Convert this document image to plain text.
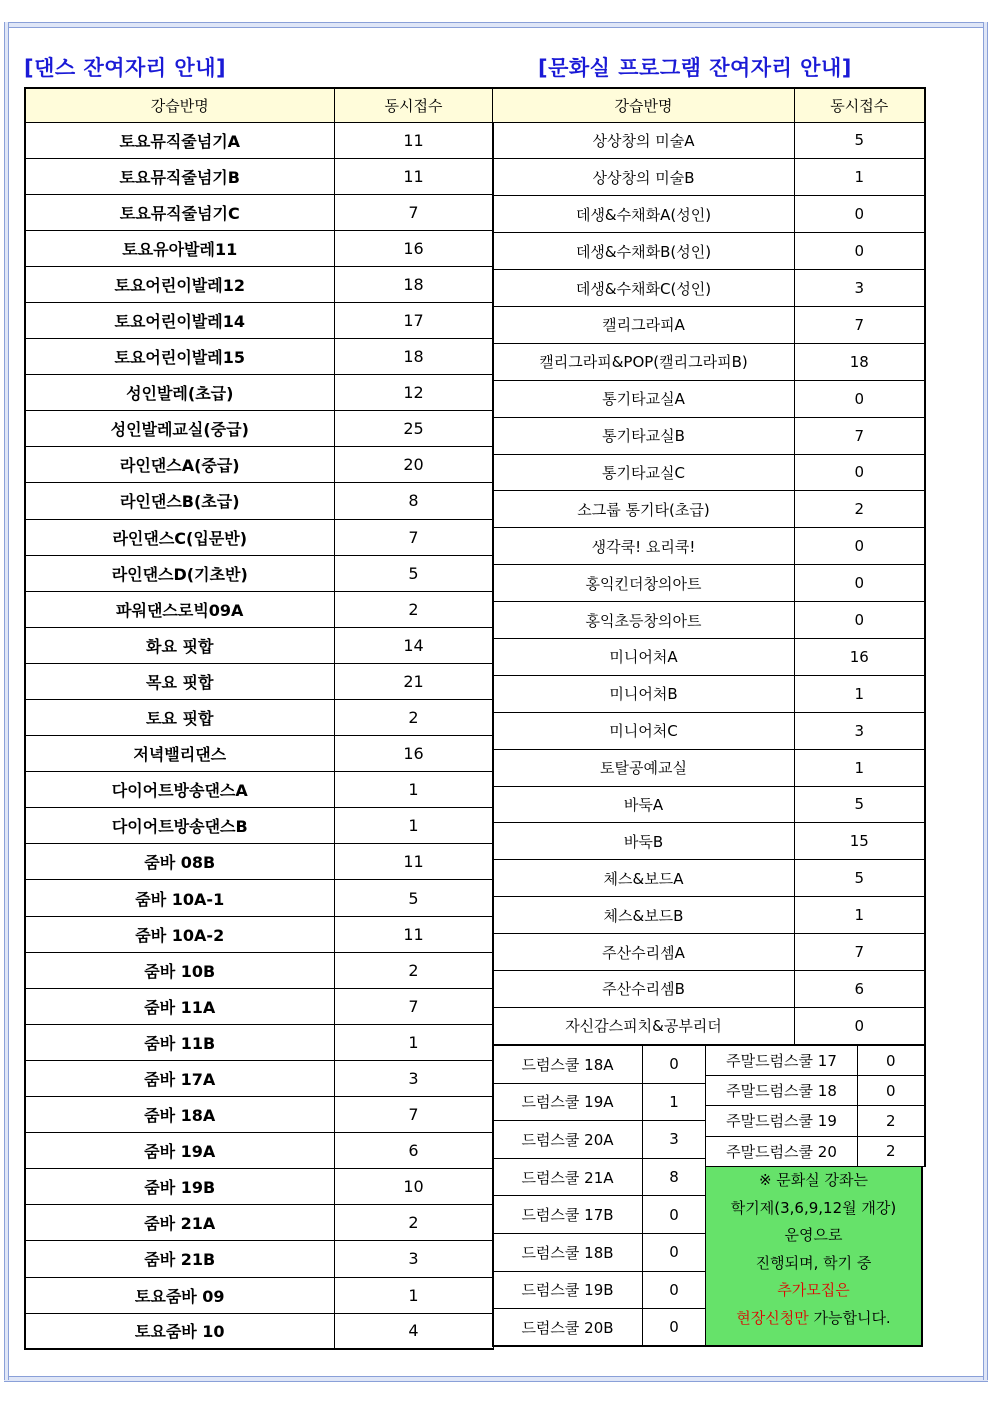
[댄스 잔여자리 안내]	[문화실 프로그램 잔여자리 안내]
강습반명	동시접수
토요뮤직줄넘기A	11
토요뮤직줄넘기B	11
토요뮤직줄넘기C	7
토요유아발레11	16
토요어린이발레12	18
토요어린이발레14	17
토요어린이발레15	18
성인발레(초급)	12
성인발레교실(중급)	25
라인댄스A(중급)	20
라인댄스B(초급)	8
라인댄스C(입문반)	7
라인댄스D(기초반)	5
파워댄스로빅09A	2
화요 핏합	14
목요 핏합	21
토요 핏합	2
저녁밸리댄스	16
다이어트방송댄스A	1
다이어트방송댄스B	1
줌바 08B	11
줌바 10A-1	5
줌바 10A-2	11
줌바 10B	2
줌바 11A	7
줌바 11B	1
줌바 17A	3
줌바 18A	7
줌바 19A	6
줌바 19B	10
줌바 21A	2
줌바 21B	3
토요줌바 09	1
토요줌바 10	4
강습반명	동시접수
상상창의 미술A	5
상상창의 미술B	1
데생&수채화A(성인)	0
데생&수채화B(성인)	0
데생&수채화C(성인)	3
캘리그라피A	7
캘리그라피&POP(캘리그라피B)	18
통기타교실A	0
통기타교실B	7
통기타교실C	0
소그룹 통기타(초급)	2
생각쿡! 요리쿡!	0
홍익킨더창의아트	0
홍익초등창의아트	0
미니어처A	16
미니어처B	1
미니어처C	3
토탈공예교실	1
바둑A	5
바둑B	15
체스&보드A	5
체스&보드B	1
주산수리셈A	7
주산수리셈B	6
자신감스피치&공부리더	0
드럼스쿨 18A	0
드럼스쿨 19A	1
드럼스쿨 20A	3
드럼스쿨 21A	8
드럼스쿨 17B	0
드럼스쿨 18B	0
드럼스쿨 19B	0
드럼스쿨 20B	0
주말드럼스쿨 17	0
주말드럼스쿨 18	0
주말드럼스쿨 19	2
주말드럼스쿨 20	2
※ 문화실 강좌는
학기제(3,6,9,12월 개강)
운영으로
진행되며, 학기 중
추가모집은
현장신청만 가능합니다.
